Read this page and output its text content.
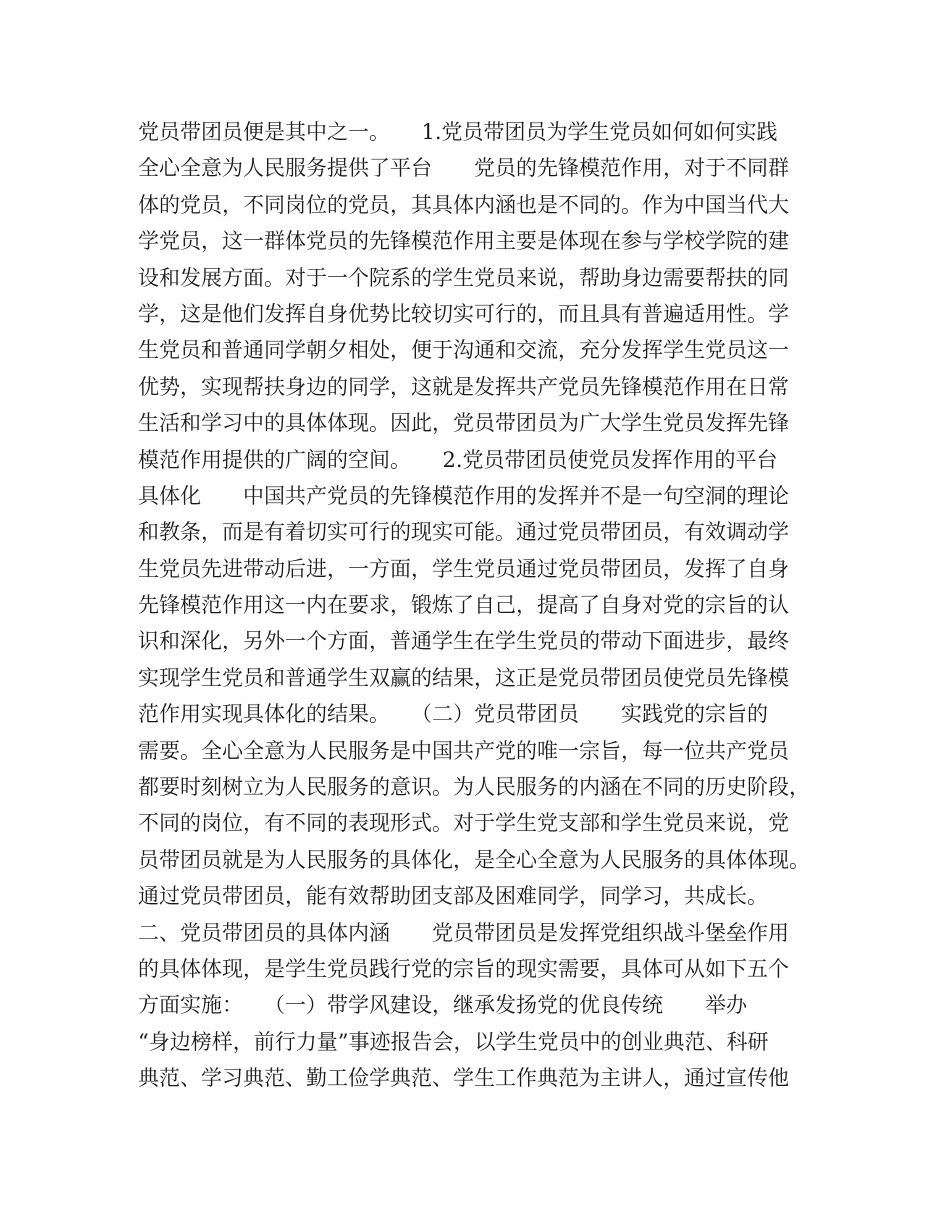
党员带团员便是其中之一。　　1.党员带团员为学生党员如何如何实践
全心全意为人民服务提供了平台　　党员的先锋模范作用，对于不同群
体的党员，不同岗位的党员，其具体内涵也是不同的。作为中国当代大
学党员，这一群体党员的先锋模范作用主要是体现在参与学校学院的建
设和发展方面。对于一个院系的学生党员来说，帮助身边需要帮扶的同
学，这是他们发挥自身优势比较切实可行的，而且具有普遍适用性。学
生党员和普通同学朝夕相处，便于沟通和交流，充分发挥学生党员这一
优势，实现帮扶身边的同学，这就是发挥共产党员先锋模范作用在日常
生活和学习中的具体体现。因此，党员带团员为广大学生党员发挥先锋
模范作用提供的广阔的空间。　　2.党员带团员使党员发挥作用的平台
具体化　　中国共产党员的先锋模范作用的发挥并不是一句空洞的理论
和教条，而是有着切实可行的现实可能。通过党员带团员，有效调动学
生党员先进带动后进，一方面，学生党员通过党员带团员，发挥了自身
先锋模范作用这一内在要求，锻炼了自己，提高了自身对党的宗旨的认
识和深化，另外一个方面，普通学生在学生党员的带动下面进步，最终
实现学生党员和普通学生双赢的结果，这正是党员带团员使党员先锋模
范作用实现具体化的结果。　　（二）党员带团员　　实践党的宗旨的
需要。全心全意为人民服务是中国共产党的唯一宗旨，每一位共产党员
都要时刻树立为人民服务的意识。为人民服务的内涵在不同的历史阶段，
不同的岗位，有不同的表现形式。对于学生党支部和学生党员来说，党
员带团员就是为人民服务的具体化，是全心全意为人民服务的具体体现。
通过党员带团员，能有效帮助团支部及困难同学，同学习，共成长。
二、党员带团员的具体内涵　　党员带团员是发挥党组织战斗堡垒作用
的具体体现，是学生党员践行党的宗旨的现实需要，具体可从如下五个
方面实施：　　（一）带学风建设，继承发扬党的优良传统　　举办
“身边榜样，前行力量”事迹报告会，以学生党员中的创业典范、科研
典范、学习典范、勤工俭学典范、学生工作典范为主讲人，通过宣传他
